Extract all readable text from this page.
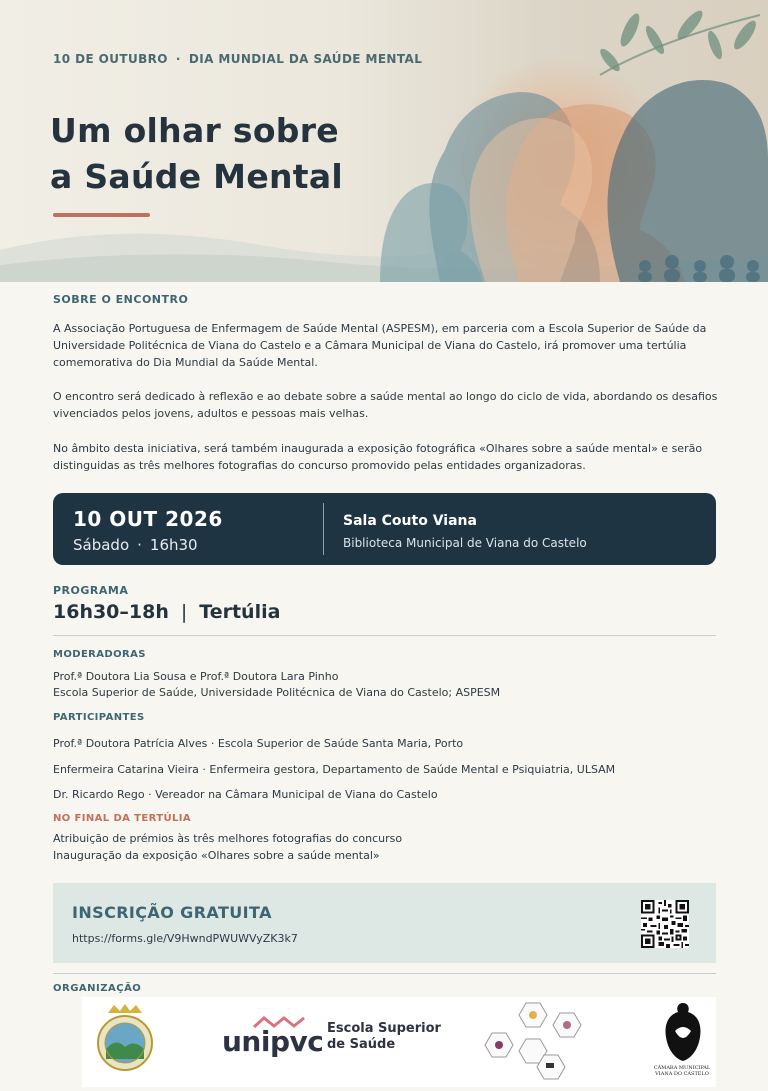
10 DE OUTUBRO · DIA MUNDIAL DA SAÚDE MENTAL
Um olhar sobre
a Saúde Mental
SOBRE O ENCONTRO
A Associação Portuguesa de Enfermagem de Saúde Mental (ASPESM), em parceria com a Escola Superior de Saúde da Universidade Politécnica de Viana do Castelo e a Câmara Municipal de Viana do Castelo, irá promover uma tertúlia comemorativa do Dia Mundial da Saúde Mental.
O encontro será dedicado à reflexão e ao debate sobre a saúde mental ao longo do ciclo de vida, abordando os desafios vivenciados pelos jovens, adultos e pessoas mais velhas.
No âmbito desta iniciativa, será também inaugurada a exposição fotográfica «Olhares sobre a saúde mental» e serão distinguidas as três melhores fotografias do concurso promovido pelas entidades organizadoras.
10 OUT 2026
Sábado · 16h30
Sala Couto Viana
Biblioteca Municipal de Viana do Castelo
PROGRAMA
16h30–18h | Tertúlia
MODERADORAS
Prof.ª Doutora Lia Sousa e Prof.ª Doutora Lara Pinho
Escola Superior de Saúde, Universidade Politécnica de Viana do Castelo; ASPESM
PARTICIPANTES
Prof.ª Doutora Patrícia Alves · Escola Superior de Saúde Santa Maria, Porto
Enfermeira Catarina Vieira · Enfermeira gestora, Departamento de Saúde Mental e Psiquiatria, ULSAM
Dr. Ricardo Rego · Vereador na Câmara Municipal de Viana do Castelo
NO FINAL DA TERTÚLIA
Atribuição de prémios às três melhores fotografias do concurso
Inauguração da exposição «Olhares sobre a saúde mental»
INSCRIÇÃO GRATUITA
https://forms.gle/V9HwndPWUWVyZK3k7
ORGANIZAÇÃO
unipvc Escola Superior
de Saúde
CÂMARA MUNICIPAL
VIANA DO CASTELO
